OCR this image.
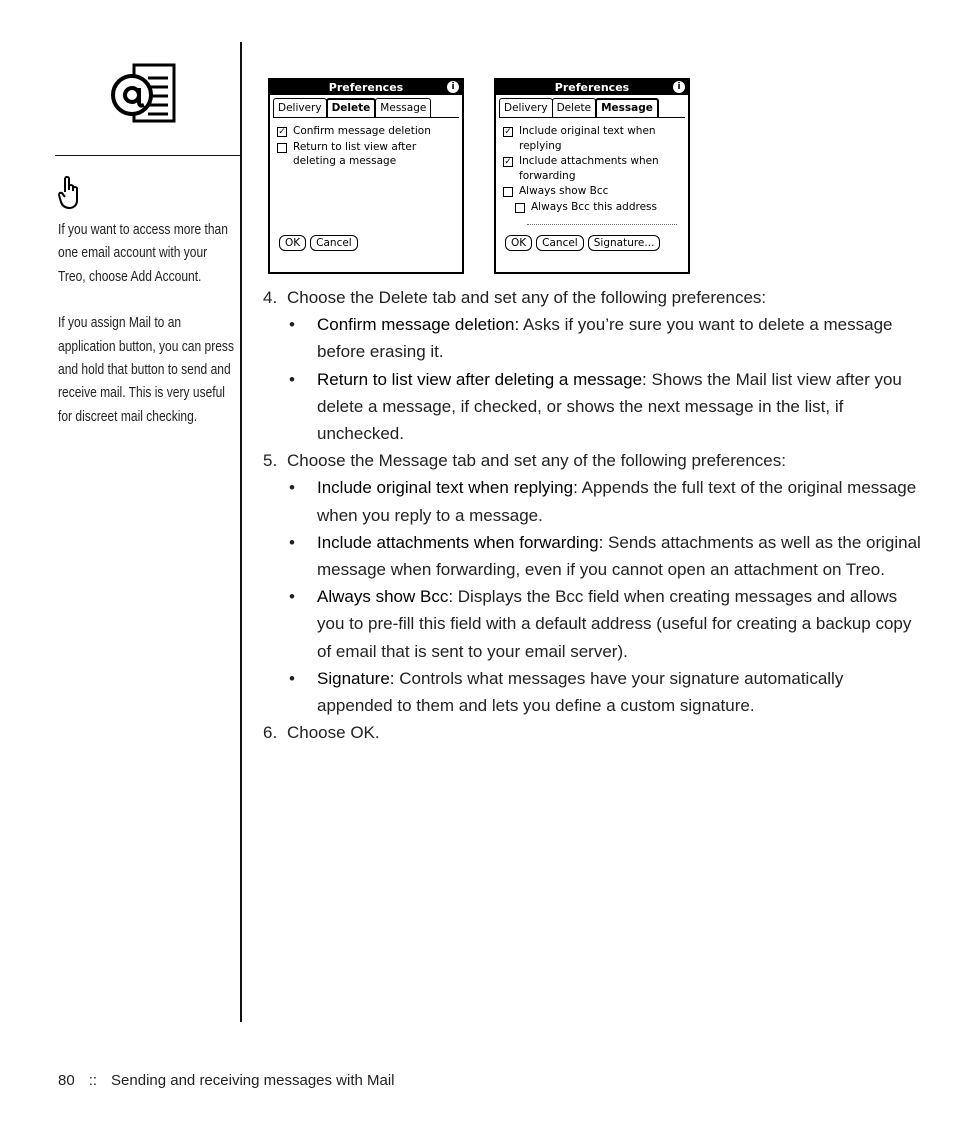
If you want to access more than one email account with your Treo, choose Add Account.

If you assign Mail to an application button, you can press and hold that button to send and receive mail. This is very useful for discreet mail checking.

Preferences	i
Delivery Delete Message
✓ Confirm message deletion
Return to list view after deleting a message
OK	Cancel
Preferences	i
Delivery Delete Message
✓ Include original text when replying
✓ Include attachments when forwarding
Always show Bcc
Always Bcc this address
OK	Cancel	Signature...
4. Choose the Delete tab and set any of the following preferences:
•	Confirm message deletion: Asks if you’re sure you want to delete a message before erasing it.
•	Return to list view after deleting a message: Shows the Mail list view after you delete a message, if checked, or shows the next message in the list, if unchecked.
5. Choose the Message tab and set any of the following preferences:
•	Include original text when replying: Appends the full text of the original message when you reply to a message.
•	Include attachments when forwarding: Sends attachments as well as the original message when forwarding, even if you cannot open an attachment on Treo.
•	Always show Bcc: Displays the Bcc field when creating messages and allows you to pre-fill this field with a default address (useful for creating a backup copy of email that is sent to your email server).
•	Signature: Controls what messages have your signature automatically appended to them and lets you define a custom signature.
6. Choose OK.
80 :: Sending and receiving messages with Mail
